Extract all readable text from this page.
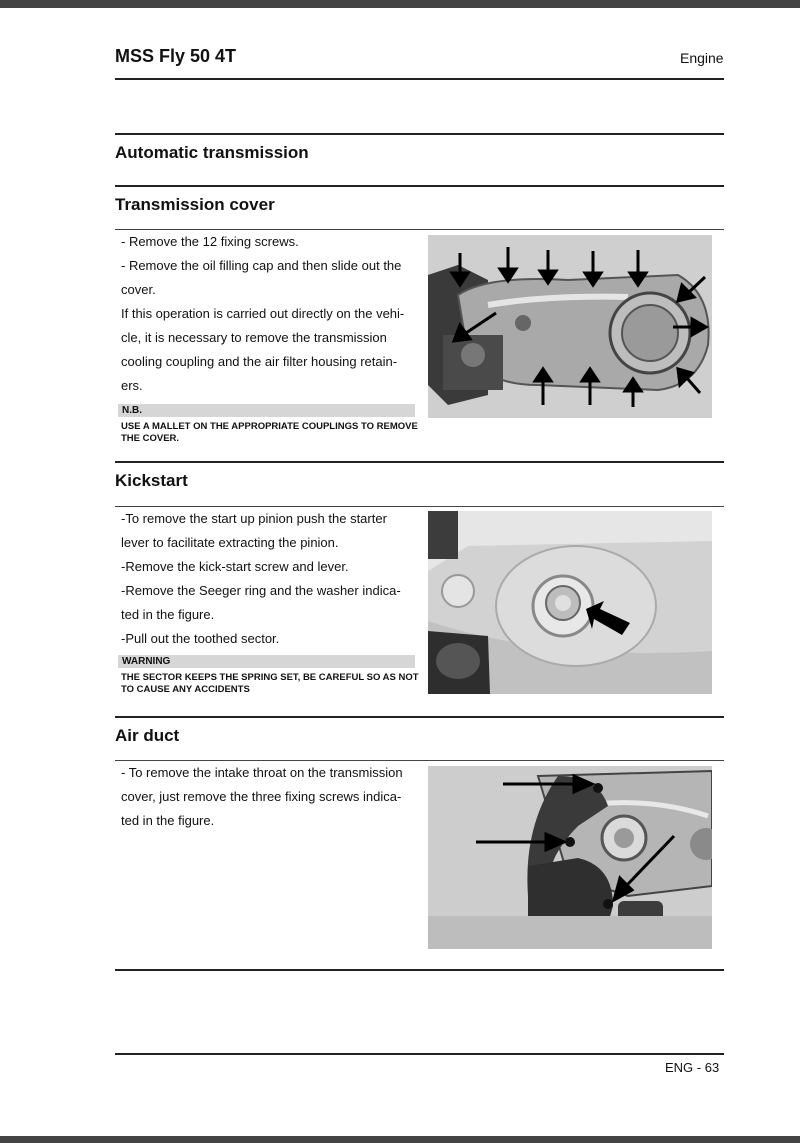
MSS Fly 50 4T	Engine
Automatic transmission
Transmission cover

- Remove the 12 fixing screws.

- Remove the oil filling cap and then slide out the

cover.

If this operation is carried out directly on the vehi-

cle, it is necessary to remove the transmission

cooling coupling and the air filter housing retain-

ers.

N.B.
USE A MALLET ON THE APPROPRIATE COUPLINGS TO REMOVE THE COVER.
Kickstart

-To remove the start up pinion push the starter

lever to facilitate extracting the pinion.

-Remove the kick-start screw and lever.

-Remove the Seeger ring and the washer indica-

ted in the figure.

-Pull out the toothed sector.

WARNING
THE SECTOR KEEPS THE SPRING SET, BE CAREFUL SO AS NOT TO CAUSE ANY ACCIDENTS
Air duct

- To remove the intake throat on the transmission

cover, just remove the three fixing screws indica-

ted in the figure.

ENG - 63
